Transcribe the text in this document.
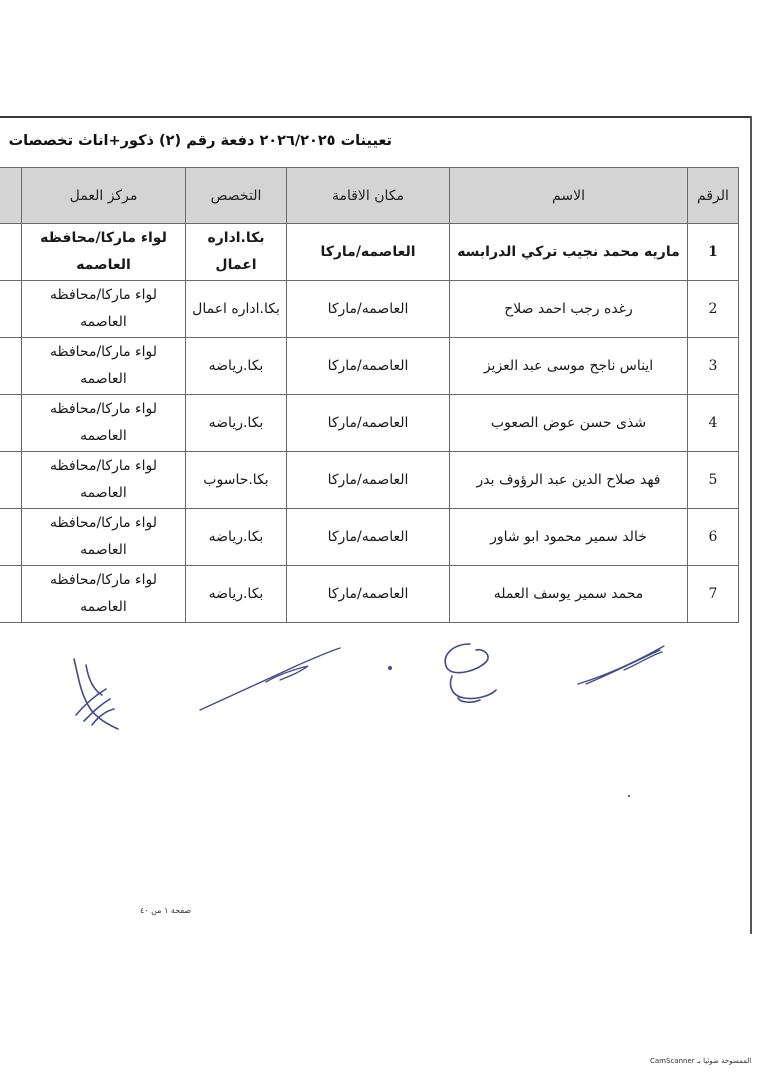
تعيينات ٢٠٢٦/٢٠٢٥ دفعة رقم (٢) ذكور+اناث تخصصات
الرقم	الاسم	مكان الاقامة	التخصص	مركز العمل	
1	ماريه محمد نجيب تركي الدرابسه	العاصمه/ماركا	بكا.اداره اعمال	لواء ماركا/محافظه العاصمه	
2	رغده رجب احمد صلاح	العاصمه/ماركا	بكا.اداره اعمال	لواء ماركا/محافظه العاصمه	
3	ايناس ناجح موسى عبد العزيز	العاصمه/ماركا	بكا.رياضه	لواء ماركا/محافظه العاصمه	
4	شذى حسن عوض الصعوب	العاصمه/ماركا	بكا.رياضه	لواء ماركا/محافظه العاصمه	
5	فهد صلاح الدين عبد الرؤوف بدر	العاصمه/ماركا	بكا.حاسوب	لواء ماركا/محافظه العاصمه	
6	خالد سمير محمود ابو شاور	العاصمه/ماركا	بكا.رياضه	لواء ماركا/محافظه العاصمه	
7	محمد سمير يوسف العمله	العاصمه/ماركا	بكا.رياضه	لواء ماركا/محافظه العاصمه	
صفحة ١ من ٤٠
الممسوحة ضوئيا بـ CamScanner
